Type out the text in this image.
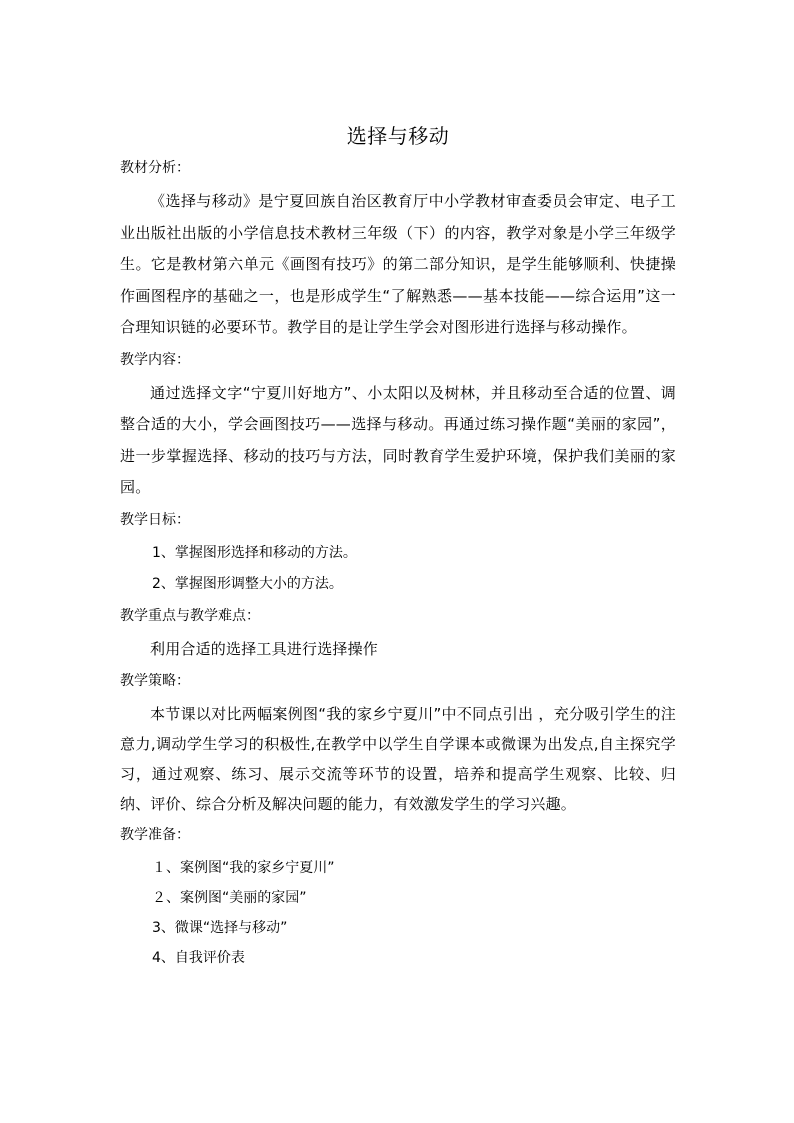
选择与移动
教材分析：

《选择与移动》是宁夏回族自治区教育厅中小学教材审查委员会审定、电子工业出版社出版的小学信息技术教材三年级（下）的内容，教学对象是小学三年级学生。它是教材第六单元《画图有技巧》的第二部分知识，是学生能够顺利、快捷操作画图程序的基础之一，也是形成学生“了解熟悉——基本技能——综合运用”这一合理知识链的必要环节。教学目的是让学生学会对图形进行选择与移动操作。

教学内容：

通过选择文字“宁夏川好地方”、小太阳以及树林，并且移动至合适的位置、调整合适的大小，学会画图技巧——选择与移动。再通过练习操作题“美丽的家园”，进一步掌握选择、移动的技巧与方法，同时教育学生爱护环境，保护我们美丽的家园。

教学日标：
1、掌握图形选择和移动的方法。
2、掌握图形调整大小的方法。
教学重点与教学难点：

利用合适的选择工具进行选择操作

教学策略：

本节课以对比两幅案例图“我的家乡宁夏川”中不同点引出 ，充分吸引学生的注意力,调动学生学习的积极性,在教学中以学生自学课本或微课为出发点,自主探究学习，通过观察、练习、展示交流等环节的设置，培养和提高学生观察、比较、归纳、评价、综合分析及解决问题的能力，有效激发学生的学习兴趣。

教学准备：
１、案例图“我的家乡宁夏川”
２、案例图“美丽的家园”
3、微课“选择与移动”
4、自我评价表
